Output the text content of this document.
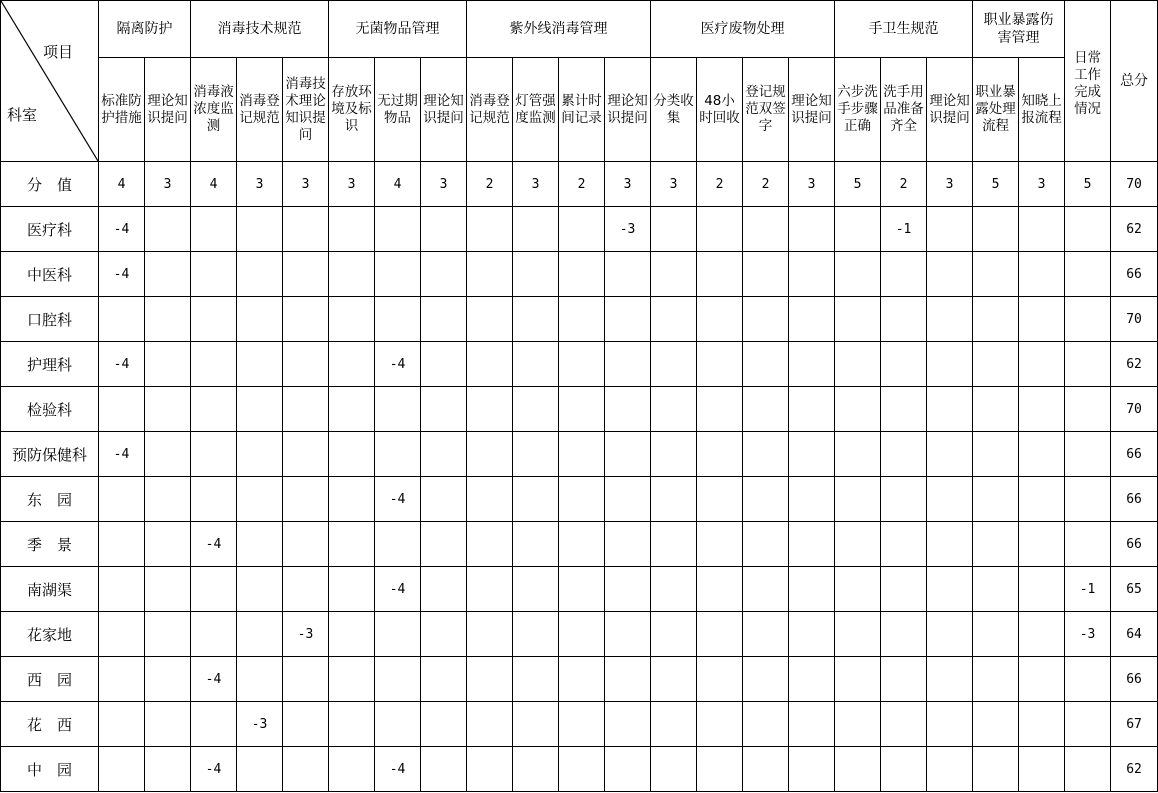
项目
科室	隔离防护		消毒技术规范			无菌物品管理			紫外线消毒管理				医疗废物处理				手卫生规范			职业暴露伤害管理		日常工作完成情况	总分
	标准防护措施	理论知识提问	消毒液浓度监测	消毒登记规范	消毒技术理论知识提问	存放环境及标识	无过期物品	理论知识提问	消毒登记规范	灯管强度监测	累计时间记录	理论知识提问	分类收集	48小时回收	登记规范双签字	理论知识提问	六步洗手步骤正确	洗手用品准备齐全	理论知识提问	职业暴露处理流程	知晓上报流程		
分　值	4	3	4	3	3	3	4	3	2	3	2	3	3	2	2	3	5	2	3	5	3	5	70
医疗科	-4											-3						-1					62
中医科	-4																						66
口腔科																							70
护理科	-4						-4																62
检验科																							70
预防保健科	-4																						66
东　园							-4																66
季　景			-4																				66
南湖渠							-4															-1	65
花家地					-3																	-3	64
西　园			-4																				66
花　西				-3																			67
中　园			-4				-4																62
